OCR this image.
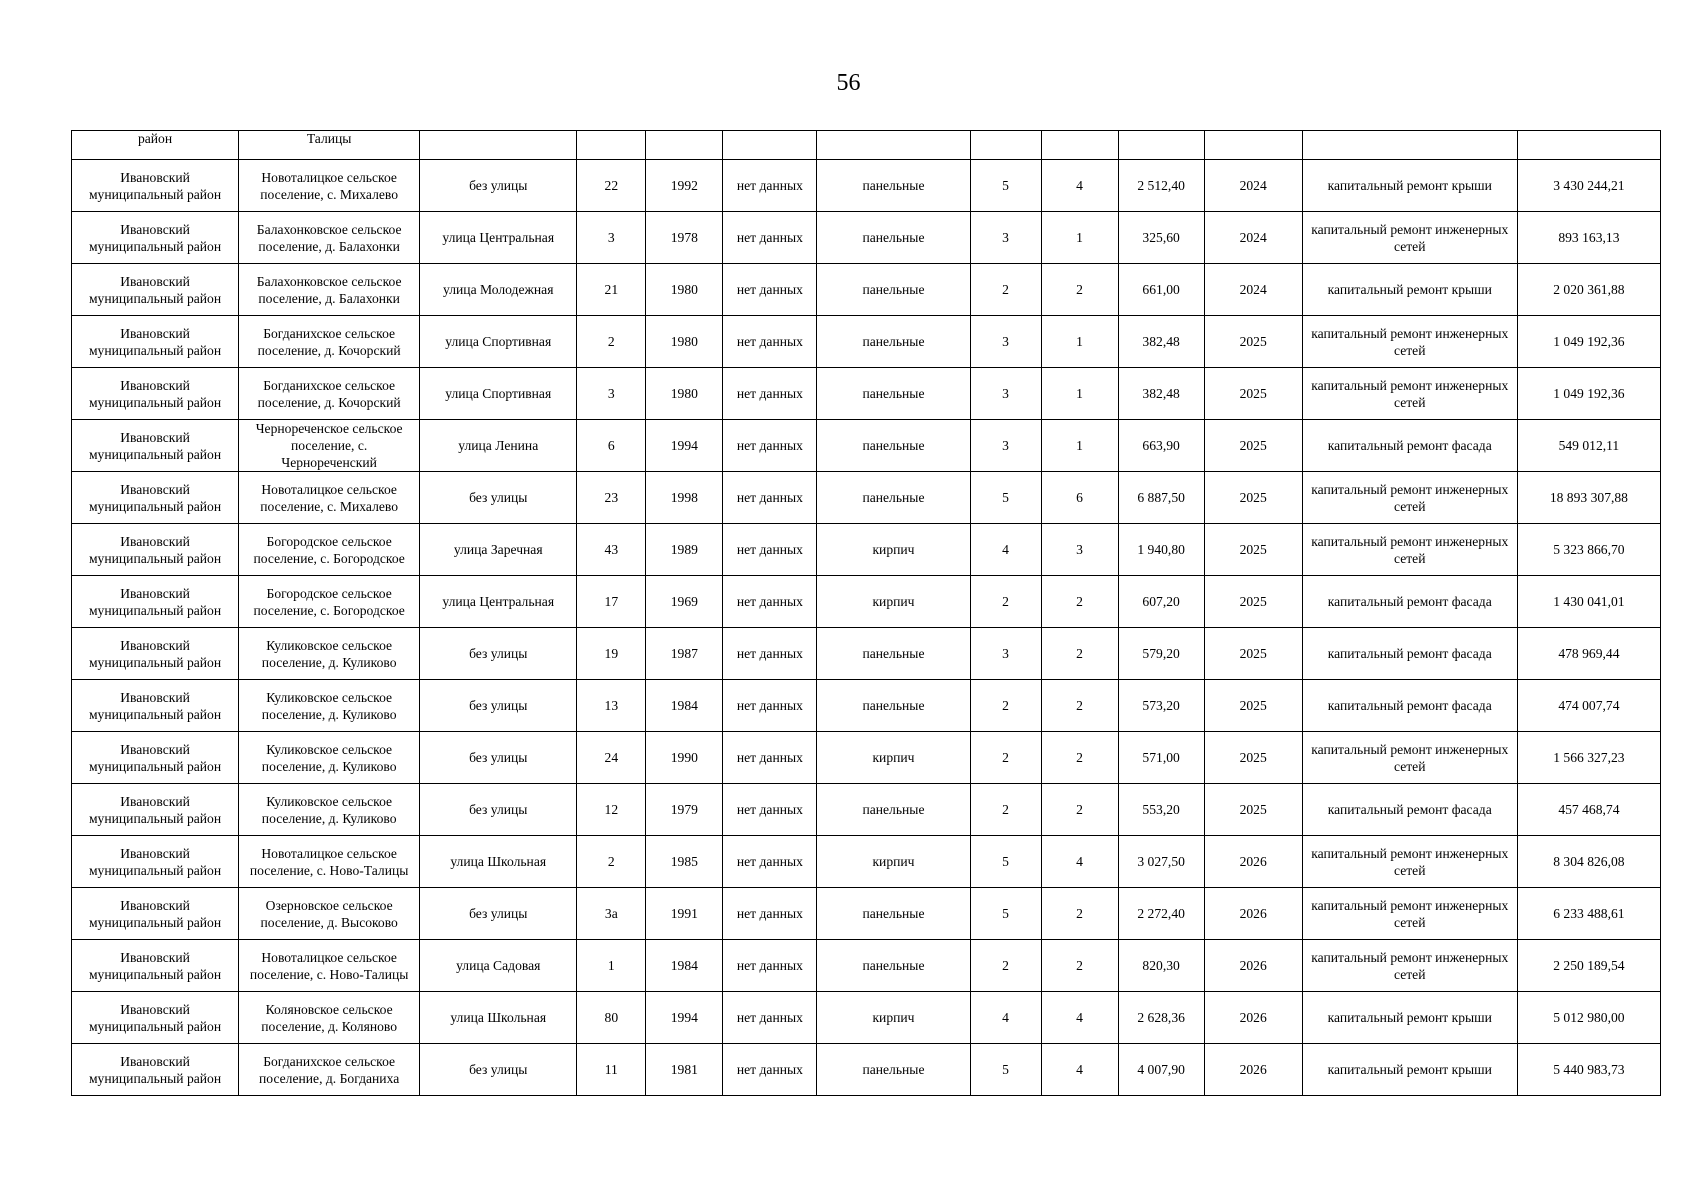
56
район	Талицы											
Ивановский муниципальный район	Новоталицкое сельское поселение, с. Михалево	без улицы	22	1992	нет данных	панельные	5	4	2 512,40	2024	капитальный ремонт крыши	3 430 244,21
Ивановский муниципальный район	Балахонковское сельское поселение, д. Балахонки	улица Центральная	3	1978	нет данных	панельные	3	1	325,60	2024	капитальный ремонт инженерных сетей	893 163,13
Ивановский муниципальный район	Балахонковское сельское поселение, д. Балахонки	улица Молодежная	21	1980	нет данных	панельные	2	2	661,00	2024	капитальный ремонт крыши	2 020 361,88
Ивановский муниципальный район	Богданихское сельское поселение, д. Кочорский	улица Спортивная	2	1980	нет данных	панельные	3	1	382,48	2025	капитальный ремонт инженерных сетей	1 049 192,36
Ивановский муниципальный район	Богданихское сельское поселение, д. Кочорский	улица Спортивная	3	1980	нет данных	панельные	3	1	382,48	2025	капитальный ремонт инженерных сетей	1 049 192,36
Ивановский муниципальный район	Чернореченское сельское поселение, с. Чернореченский	улица Ленина	6	1994	нет данных	панельные	3	1	663,90	2025	капитальный ремонт фасада	549 012,11
Ивановский муниципальный район	Новоталицкое сельское поселение, с. Михалево	без улицы	23	1998	нет данных	панельные	5	6	6 887,50	2025	капитальный ремонт инженерных сетей	18 893 307,88
Ивановский муниципальный район	Богородское сельское поселение, с. Богородское	улица Заречная	43	1989	нет данных	кирпич	4	3	1 940,80	2025	капитальный ремонт инженерных сетей	5 323 866,70
Ивановский муниципальный район	Богородское сельское поселение, с. Богородское	улица Центральная	17	1969	нет данных	кирпич	2	2	607,20	2025	капитальный ремонт фасада	1 430 041,01
Ивановский муниципальный район	Куликовское сельское поселение, д. Куликово	без улицы	19	1987	нет данных	панельные	3	2	579,20	2025	капитальный ремонт фасада	478 969,44
Ивановский муниципальный район	Куликовское сельское поселение, д. Куликово	без улицы	13	1984	нет данных	панельные	2	2	573,20	2025	капитальный ремонт фасада	474 007,74
Ивановский муниципальный район	Куликовское сельское поселение, д. Куликово	без улицы	24	1990	нет данных	кирпич	2	2	571,00	2025	капитальный ремонт инженерных сетей	1 566 327,23
Ивановский муниципальный район	Куликовское сельское поселение, д. Куликово	без улицы	12	1979	нет данных	панельные	2	2	553,20	2025	капитальный ремонт фасада	457 468,74
Ивановский муниципальный район	Новоталицкое сельское поселение, с. Ново-Талицы	улица Школьная	2	1985	нет данных	кирпич	5	4	3 027,50	2026	капитальный ремонт инженерных сетей	8 304 826,08
Ивановский муниципальный район	Озерновское сельское поселение, д. Высоково	без улицы	3а	1991	нет данных	панельные	5	2	2 272,40	2026	капитальный ремонт инженерных сетей	6 233 488,61
Ивановский муниципальный район	Новоталицкое сельское поселение, с. Ново-Талицы	улица Садовая	1	1984	нет данных	панельные	2	2	820,30	2026	капитальный ремонт инженерных сетей	2 250 189,54
Ивановский муниципальный район	Коляновское сельское поселение, д. Коляново	улица Школьная	80	1994	нет данных	кирпич	4	4	2 628,36	2026	капитальный ремонт крыши	5 012 980,00
Ивановский муниципальный район	Богданихское сельское поселение, д. Богданиха	без улицы	11	1981	нет данных	панельные	5	4	4 007,90	2026	капитальный ремонт крыши	5 440 983,73
